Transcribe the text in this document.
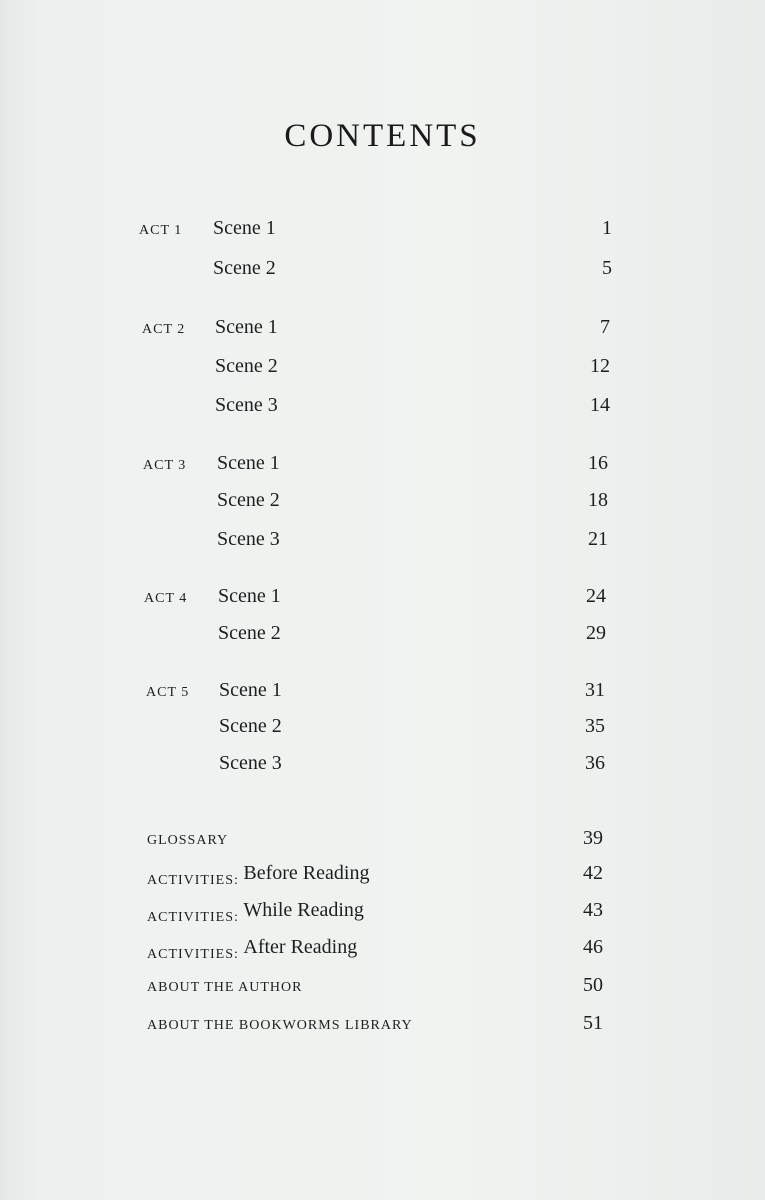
CONTENTS
ACT 1 Scene 1	1
Scene 2	5
ACT 2 Scene 1	7
Scene 2	12
Scene 3	14
ACT 3 Scene 1	16
Scene 2	18
Scene 3	21
ACT 4 Scene 1	24
Scene 2	29
ACT 5 Scene 1	31
Scene 2	35
Scene 3	36
GLOSSARY	39
ACTIVITIES: Before Reading	42
ACTIVITIES: While Reading	43
ACTIVITIES: After Reading	46
ABOUT THE AUTHOR	50
ABOUT THE BOOKWORMS LIBRARY	51
